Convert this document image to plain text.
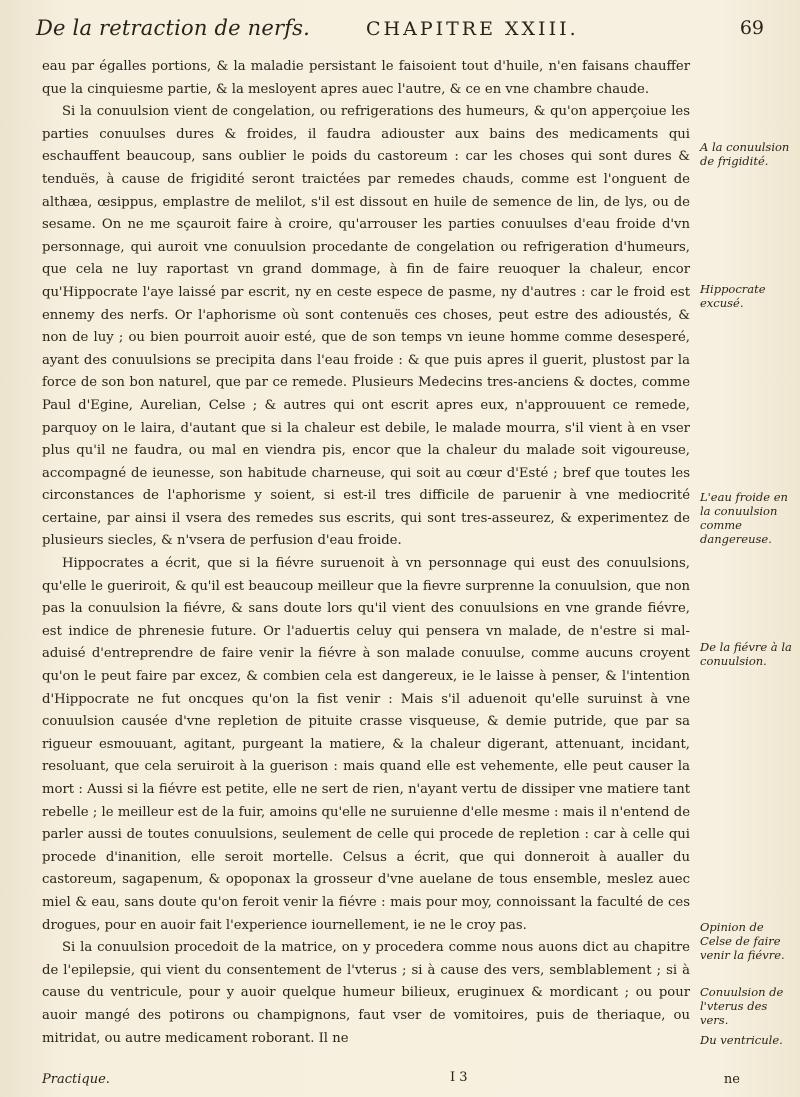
De la retraction de nerfs.	CHAPITRE XXIII.	69

eau par égalles portions, & la maladie persistant le faisoient tout d'huile, n'en faisans chauffer que la cinquiesme partie, & la mesloyent apres auec l'autre, & ce en vne chambre chaude.

Si la conuulsion vient de congelation, ou refrigerations des humeurs, & qu'on apperçoiue les parties conuulses dures & froides, il faudra adiouster aux bains des medicaments qui eschauffent beaucoup, sans oublier le poids du castoreum : car les choses qui sont dures & tenduës, à cause de frigidité seront traictées par remedes chauds, comme est l'onguent de althæa, œsippus, emplastre de melilot, s'il est dissout en huile de semence de lin, de lys, ou de sesame. On ne me sçauroit faire à croire, qu'arrouser les parties conuulses d'eau froide d'vn personnage, qui auroit vne conuulsion procedante de congelation ou refrigeration d'humeurs, que cela ne luy raportast vn grand dommage, à fin de faire reuoquer la chaleur, encor qu'Hippocrate l'aye laissé par escrit, ny en ceste espece de pasme, ny d'autres : car le froid est ennemy des nerfs. Or l'aphorisme où sont contenuës ces choses, peut estre des adioustés, & non de luy ; ou bien pourroit auoir esté, que de son temps vn ieune homme comme desesperé, ayant des conuulsions se precipita dans l'eau froide : & que puis apres il guerit, plustost par la force de son bon naturel, que par ce remede. Plusieurs Medecins tres-anciens & doctes, comme Paul d'Egine, Aurelian, Celse ; & autres qui ont escrit apres eux, n'approuuent ce remede, parquoy on le laira, d'autant que si la chaleur est debile, le malade mourra, s'il vient à en vser plus qu'il ne faudra, ou mal en viendra pis, encor que la chaleur du malade soit vigoureuse, accompagné de ieunesse, son habitude charneuse, qui soit au cœur d'Esté ; bref que toutes les circonstances de l'aphorisme y soient, si est-il tres difficile de paruenir à vne mediocrité certaine, par ainsi il vsera des remedes sus escrits, qui sont tres-asseurez, & experimentez de plusieurs siecles, & n'vsera de perfusion d'eau froide.

Hippocrates a écrit, que si la fiévre suruenoit à vn personnage qui eust des conuulsions, qu'elle le gueriroit, & qu'il est beaucoup meilleur que la fievre surprenne la conuulsion, que non pas la conuulsion la fiévre, & sans doute lors qu'il vient des conuulsions en vne grande fiévre, est indice de phrenesie future. Or l'aduertis celuy qui pensera vn malade, de n'estre si mal-aduisé d'entreprendre de faire venir la fiévre à son malade conuulse, comme aucuns croyent qu'on le peut faire par excez, & combien cela est dangereux, ie le laisse à penser, & l'intention d'Hippocrate ne fut oncques qu'on la fist venir : Mais s'il aduenoit qu'elle suruinst à vne conuulsion causée d'vne repletion de pituite crasse visqueuse, & demie putride, que par sa rigueur esmouuant, agitant, purgeant la matiere, & la chaleur digerant, attenuant, incidant, resoluant, que cela seruiroit à la guerison : mais quand elle est vehemente, elle peut causer la mort : Aussi si la fiévre est petite, elle ne sert de rien, n'ayant vertu de dissiper vne matiere tant rebelle ; le meilleur est de la fuir, amoins qu'elle ne suruienne d'elle mesme : mais il n'entend de parler aussi de toutes conuulsions, seulement de celle qui procede de repletion : car à celle qui procede d'inanition, elle seroit mortelle. Celsus a écrit, que qui donneroit à aualler du castoreum, sagapenum, & opoponax la grosseur d'vne auelane de tous ensemble, meslez auec miel & eau, sans doute qu'on feroit venir la fiévre : mais pour moy, connoissant la faculté de ces drogues, pour en auoir fait l'experience iournellement, ie ne le croy pas.

Si la conuulsion procedoit de la matrice, on y procedera comme nous auons dict au chapitre de l'epilepsie, qui vient du consentement de l'vterus ; si à cause des vers, semblablement ; si à cause du ventricule, pour y auoir quelque humeur bilieux, eruginuex & mordicant ; ou pour auoir mangé des potirons ou champignons, faut vser de vomitoires, puis de theriaque, ou mitridat, ou autre medicament roborant. Il ne

A la conuulsion de frigidité.
Hippocrate excusé.
L'eau froide en la conuulsion comme dangereuse.
De la fiévre à la conuulsion.
Opinion de Celse de faire venir la fiévre.
Conuulsion de l'vterus des vers.
Du ventricule.
Practique.	I 3	ne
